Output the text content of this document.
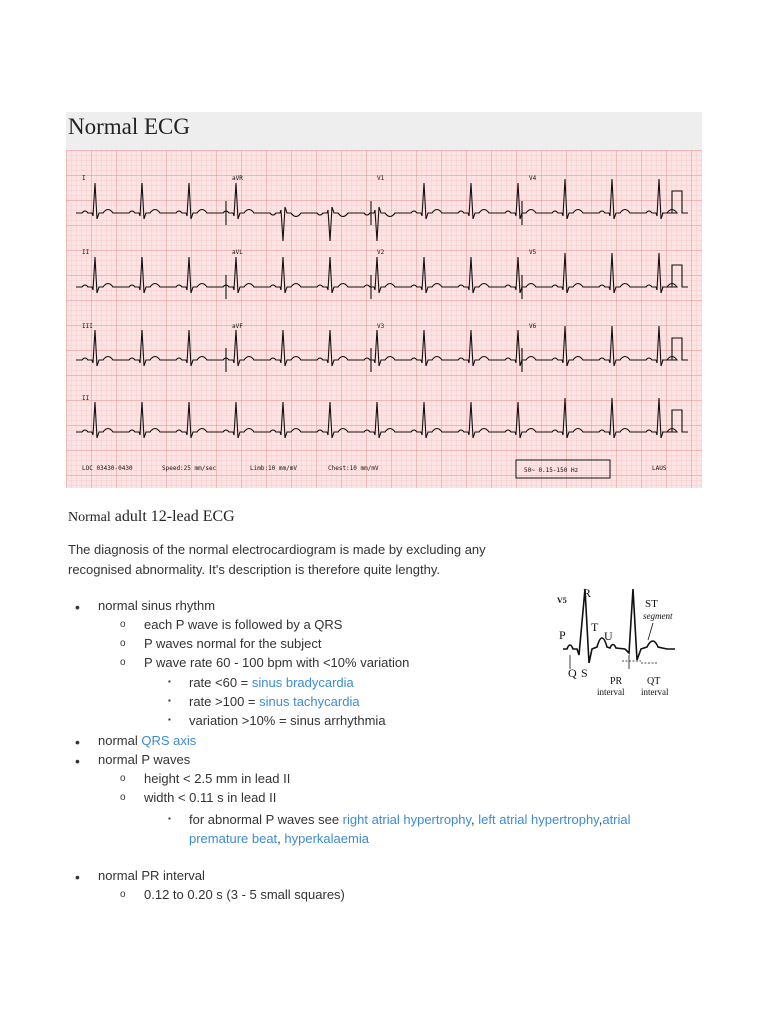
Normal ECG
I	aVR	V1	V4
II	aVL	V2	V5
III	aVF	V3	V6
II
LOC 03430-0430	Speed:25 mm/sec	Limb:10 mm/mV	Chest:10 mm/mV	50~ 0.15-150 Hz	LAUS
Normal adult 12-lead ECG
The diagnosis of the normal electrocardiogram is made by excluding any recognised abnormality. It's description is therefore quite lengthy.
• normal sinus rhythm
o each P wave is followed by a QRS
o P waves normal for the subject
o P wave rate 60 - 100 bpm with <10% variation
▪ rate <60 = sinus bradycardia
▪ rate >100 = sinus tachycardia
▪ variation >10% = sinus arrhythmia
• normal QRS axis
• normal P waves
o height < 2.5 mm in lead II
o width < 0.11 s in lead II
▪ for abnormal P waves see right atrial hypertrophy, left atrial hypertrophy,atrial
premature beat, hyperkalaemia
• normal PR interval
o 0.12 to 0.20 s (3 - 5 small squares)
V5
R
P
T
U
Q S
ST
segment
PR QT
interval interval
